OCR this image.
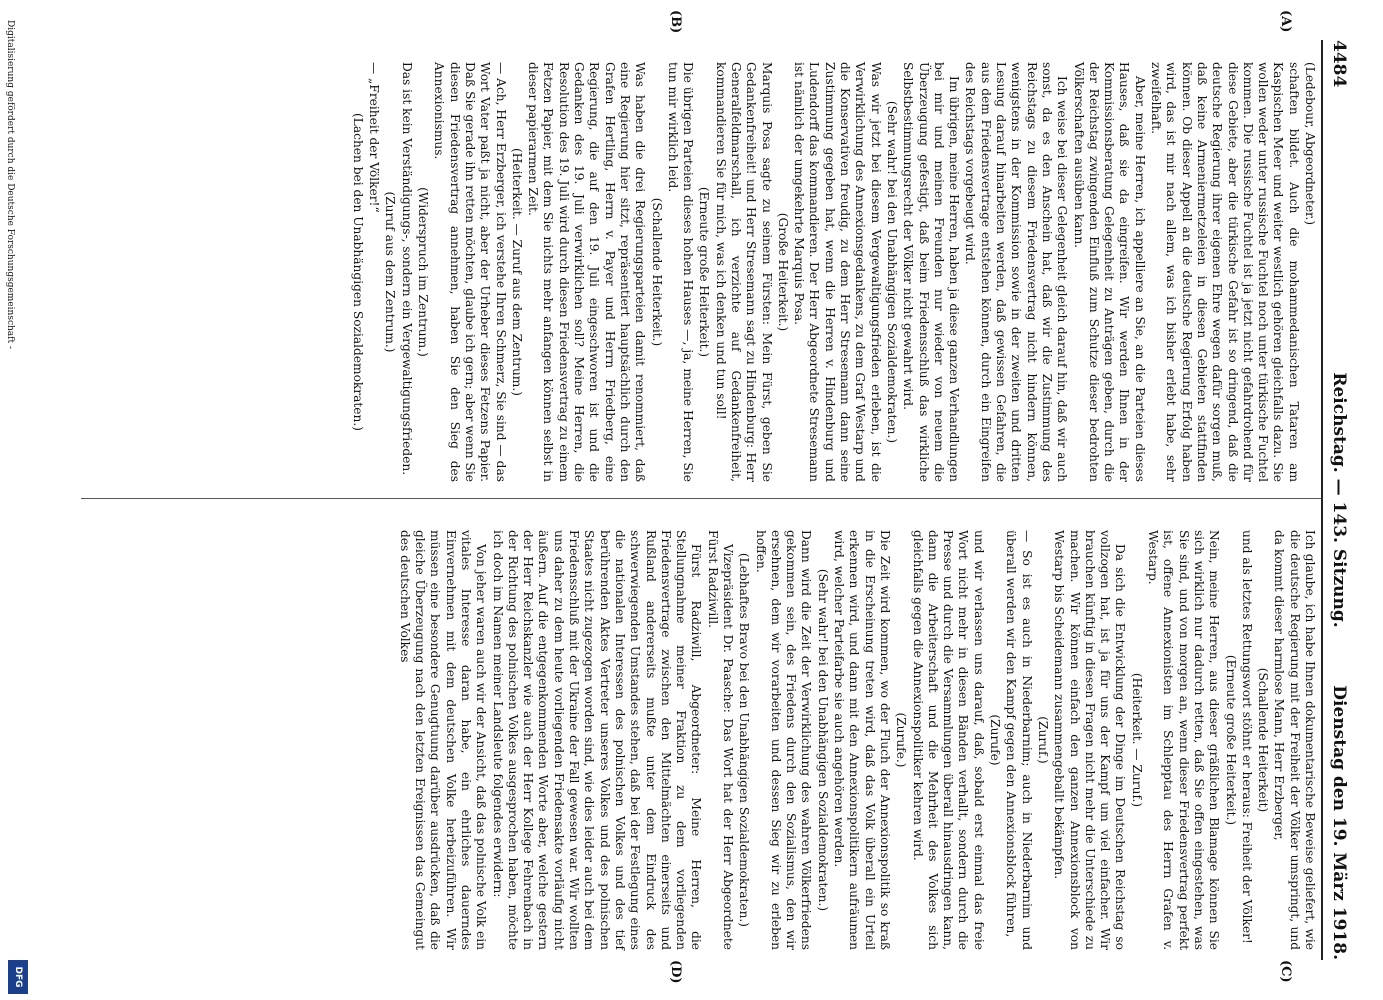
4484
Reichstag. — 143. Sitzung.
Dienstag den 19. März 1918.
(A)
(B)
(C)
(D)

(Ledebour, Abgeordneter.)

schaften bildet. Auch die mohammedanischen Tataren am Kaspischen Meer und weiter westlich gehören gleichfalls dazu. Sie wollen weder unter russische Fuchtel noch unter türkische Fuchtel kommen. Die russische Fuchtel ist ja jetzt nicht gefahrdrohend für diese Gebiete, aber die türkische Gefahr ist so dringend, daß die deutsche Regierung ihrer eigenen Ehre wegen dafür sorgen muß, daß keine Armeniermetzeleien in diesen Gebieten stattfinden können. Ob dieser Appell an die deutsche Regierung Erfolg haben wird, das ist mir nach allem, was ich bisher erlebt habe, sehr zweifelhaft.

Aber, meine Herren, ich appelliere an Sie, an die Parteien dieses Hauses, daß sie da eingreifen. Wir werden Ihnen in der Kommissionsberatung Gelegenheit zu Anträgen geben, durch die der Reichstag zwingenden Einfluß zum Schutze dieser bedrohten Völkerschaften ausüben kann.

Ich weise bei dieser Gelegenheit gleich darauf hin, daß wir auch sonst, da es den Anschein hat, daß wir die Zustimmung des Reichstags zu diesem Friedensvertrag nicht hindern können, wenigstens in der Kommission sowie in der zweiten und dritten Lesung darauf hinarbeiten werden, daß gewissen Gefahren, die aus dem Friedensvertrage entstehen können, durch ein Eingreifen des Reichstags vorgebeugt wird.

Im übrigen, meine Herren, haben ja diese ganzen Verhandlungen bei mir und meinen Freunden nur wieder von neuem die Überzeugung gefestigt, daß beim Friedensschluß das wirkliche Selbstbestimmungsrecht der Völker nicht gewahrt wird.

(Sehr wahr! bei den Unabhängigen Sozialdemokraten.)

Was wir jetzt bei diesem Vergewaltigungsfrieden erleben, ist die Verwirklichung des Annexionsgedankens, zu dem Graf Westarp und die Konservativen freudig, zu dem Herr Stresemann dann seine Zustimmung gegeben hat, wenn die Herren v. Hindenburg und Ludendorff das kommandieren. Der Herr Abgeordnete Stresemann ist nämlich der umgekehrte Marquis Posa.

(Große Heiterkeit.)

Marquis Posa sagte zu seinem Fürsten: Mein Fürst, geben Sie Gedankenfreiheit! und Herr Stresemann sagt zu Hindenburg: Herr Generalfeldmarschall, ich verzichte auf Gedankenfreiheit, kommandieren Sie für mich, was ich denken und tun soll!

(Erneute große Heiterkeit.)

Die übrigen Parteien dieses hohen Hauses —, ja, meine Herren, Sie tun mir wirklich leid.

(Schallende Heiterkeit.)

Was haben die drei Regierungsparteien damit renommiert, daß eine Regierung hier sitzt, repräsentiert hauptsächlich durch den Grafen Hertling, Herrn v. Payer und Herrn Friedberg, eine Regierung, die auf den 19. Juli eingeschworen ist und die Gedanken des 19. Juli verwirklichen soll? Meine Herren, die Resolution des 19. Juli wird durch diesen Friedensvertrag zu einem Fetzen Papier, mit dem Sie nichts mehr anfangen können selbst in dieser papierarmen Zeit.

(Heiterkeit. — Zuruf aus dem Zentrum.)

— Ach, Herr Erzberger, ich verstehe Ihren Schmerz, Sie sind — das Wort Vater paßt ja nicht, aber der Urheber dieses Fetzens Papier. Daß Sie gerade ihn retten möchten, glaube ich gern; aber wenn Sie diesen Friedensvertrag annehmen, haben Sie den Sieg des Annexionismus.

(Widerspruch im Zentrum.)

Das ist kein Verständigungs-, sondern ein Vergewaltigungsfrieden.

(Zuruf aus dem Zentrum.)

— „Freiheit der Völker!“

(Lachen bei den Unabhängigen Sozialdemokraten.)

Ich glaube, ich habe Ihnen dokumentarische Beweise geliefert, wie die deutsche Regierung mit der Freiheit der Völker umspringt, und da kommt dieser harmlose Mann, Herr Erzberger,

(Schallende Heiterkeit)

und als letztes Rettungswort stöhnt er heraus: Freiheit der Völker!

(Erneute große Heiterkeit.)

Nein, meine Herren, aus dieser gräßlichen Blamage können Sie sich wirklich nur dadurch retten, daß Sie offen eingestehen, was Sie sind, und von morgen an, wenn dieser Friedensvertrag perfekt ist, offene Annexionisten im Schlepptau des Herrn Grafen v. Westarp.

(Heiterkeit. — Zuruf.)

Da sich die Entwicklung der Dinge im Deutschen Reichstag so vollzogen hat, ist ja für uns der Kampf um viel einfacher. Wir brauchen künftig in diesen Fragen nicht mehr die Unterschiede zu machen. Wir können einfach den ganzen Annexionsblock von Westarp bis Scheidemann zusammengeballt bekämpfen.

(Zuruf.)

— So ist es auch in Niederbarnim; auch in Niederbarnim und überall werden wir den Kampf gegen den Annexionsblock führen,

(Zurufe)

und wir verlassen uns darauf, daß, sobald erst einmal das freie Wort nicht mehr in diesen Bänden verhallt, sondern durch die Presse und durch die Versammlungen überall hinausdringen kann, dann die Arbeiterschaft und die Mehrheit des Volkes sich gleichfalls gegen die Annexionspolitiker kehren wird.

(Zurufe.)

Die Zeit wird kommen, wo der Fluch der Annexionspolitik so kraß in die Erscheinung treten wird, daß das Volk überall ein Urteil erkennen wird, und dann mit den Annexionspolitikern aufräumen wird, welcher Parteifarbe sie auch angehören werden.

(Sehr wahr! bei den Unabhängigen Sozialdemokraten.)

Dann wird die Zeit der Verwirklichung des wahren Völkerfriedens gekommen sein, des Friedens durch den Sozialismus, den wir ersehnen, dem wir vorarbeiten und dessen Sieg wir zu erleben hoffen.

(Lebhaftes Bravo bei den Unabhängigen Sozialdemokraten.)

Vizepräsident Dr. Paasche: Das Wort hat der Herr Abgeordnete Fürst Radziwill.

Fürst Radziwill, Abgeordneter: Meine Herren, die Stellungnahme meiner Fraktion zu dem vorliegenden Friedensvertrage zwischen den Mittelmächten einerseits und Rußland andererseits mußte unter dem Eindruck des schwerwiegenden Umstandes stehen, daß bei der Festlegung eines die nationalen Interessen des polnischen Volkes und des tief berührenden Aktes Vertreter unseres Volkes und des polnischen Staates nicht zugezogen worden sind, wie dies leider auch bei dem Friedensschluß mit der Ukraine der Fall gewesen war. Wir wollten uns daher zu dem heute vorliegenden Friedensakte vorläufig nicht äußern. Auf die entgegenkommenden Worte aber, welche gestern der Herr Reichskanzler wie auch der Herr Kollege Fehrenbach in der Richtung des polnischen Volkes ausgesprochen haben, möchte ich doch im Namen meiner Landsleute folgendes erwidern:

Von jeher waren auch wir der Ansicht, daß das polnische Volk ein vitales Interesse daran habe, ein ehrliches dauerndes Einvernehmen mit dem deutschen Volke herbeizuführen. Wir müssen eine besondere Genugtuung darüber ausdrücken, daß die gleiche Überzeugung nach den letzten Ereignissen das Gemeingut des deutschen Volkes

Digitalisierung gefördert durch die Deutsche Forschungsgemeinschaft -
DFG
